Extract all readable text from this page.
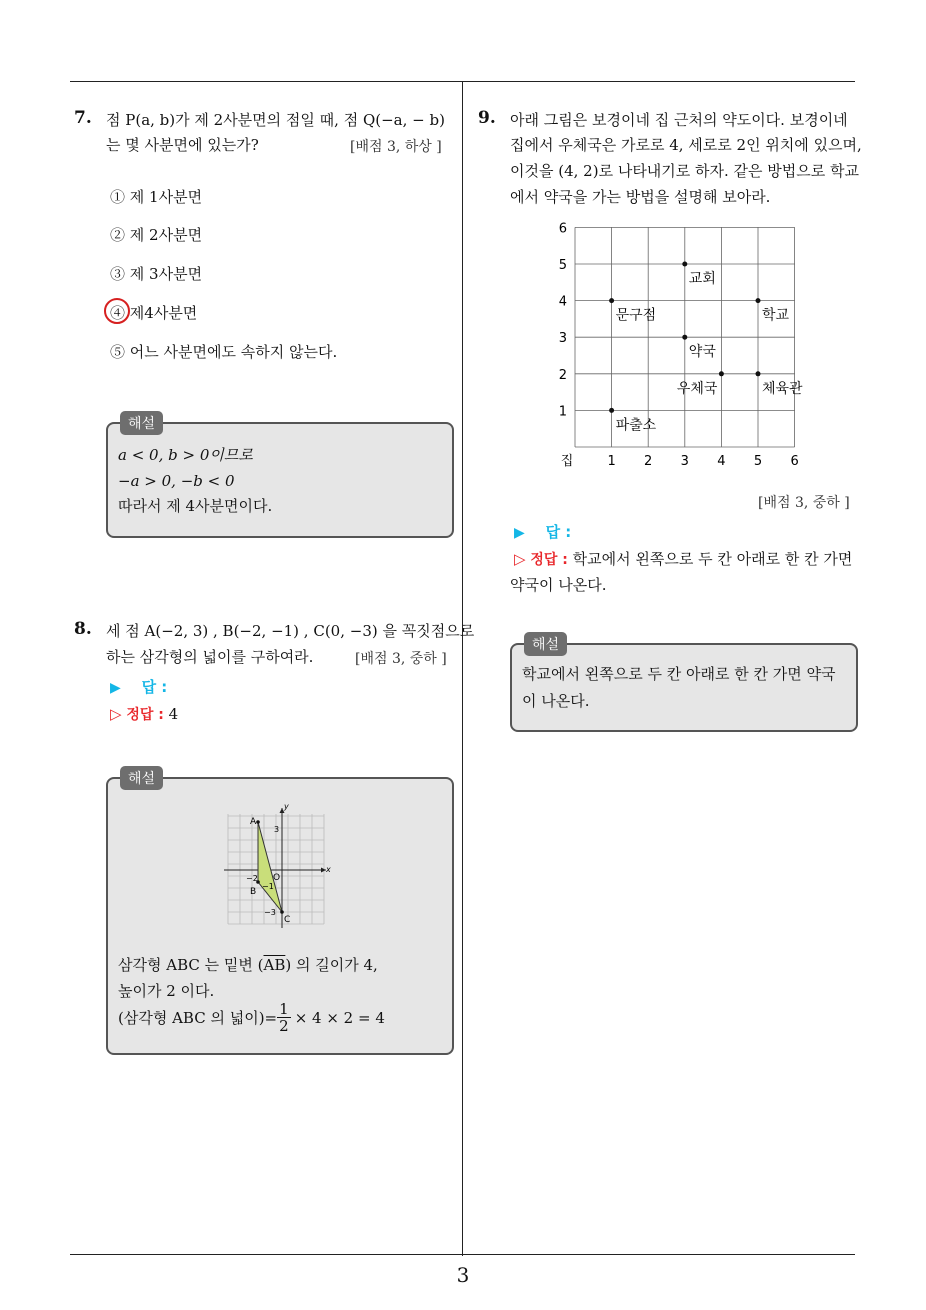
7. 점 P(a, b)가 제 2사분면의 점일 때, 점 Q(−a, − b)
는 몇 사분면에 있는가?	[배점 3, 하상 ]
① 제 1사분면
② 제 2사분면
③ 제 3사분면
④ 제4사분면
⑤ 어느 사분면에도 속하지 않는다.
해설
a < 0, b > 0이므로
−a > 0, −b < 0
따라서 제 4사분면이다.
8. 세 점 A(−2, 3) , B(−2, −1) , C(0, −3) 을 꼭짓점으로
하는 삼각형의 넓이를 구하여라.	[배점 3, 중하 ]
▶ 답 :
▷ 정답 : 4
해설
y
x
A
B
C
O
3
−2
−1
−3
삼각형 ABC 는 밑변 $(\overline{AB})$ 의 길이가 4,
높이가 2 이다.
(삼각형 ABC 의 넓이)= $\frac{1}{2} \times 4 \times 2 = 4$
9. 아래 그림은 보경이네 집 근처의 약도이다. 보경이네
집에서 우체국은 가로로 4, 세로로 2인 위치에 있으며,
이것을 (4, 2)로 나타내기로 하자. 같은 방법으로 학교
에서 약국을 가는 방법을 설명해 보아라.
집	1 2 3 4 5 6
1
2
3
4
5
6
교회
문구점	학교
약국
우체국	체육관
파출소
[배점 3, 중하 ]
▶ 답 :
▷ 정답 : 학교에서 왼쪽으로 두 칸 아래로 한 칸 가면
약국이 나온다.
해설
학교에서 왼쪽으로 두 칸 아래로 한 칸 가면 약국
이 나온다.
3
